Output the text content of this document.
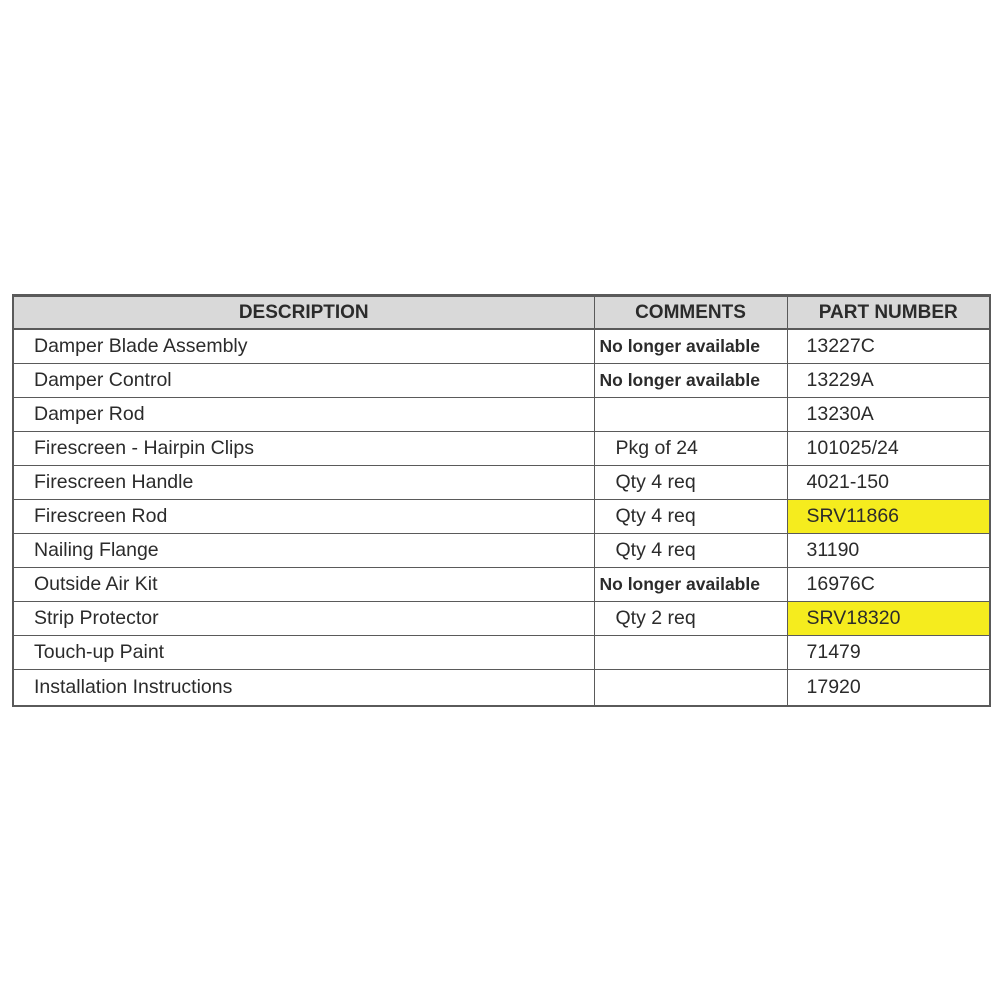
DESCRIPTION	COMMENTS	PART NUMBER
Damper Blade Assembly	No longer available	13227C
Damper Control	No longer available	13229A
Damper Rod		13230A
Firescreen - Hairpin Clips	Pkg of 24	101025/24
Firescreen Handle	Qty 4 req	4021-150
Firescreen Rod	Qty 4 req	SRV11866
Nailing Flange	Qty 4 req	31190
Outside Air Kit	No longer available	16976C
Strip Protector	Qty 2 req	SRV18320
Touch-up Paint		71479
Installation Instructions		17920
